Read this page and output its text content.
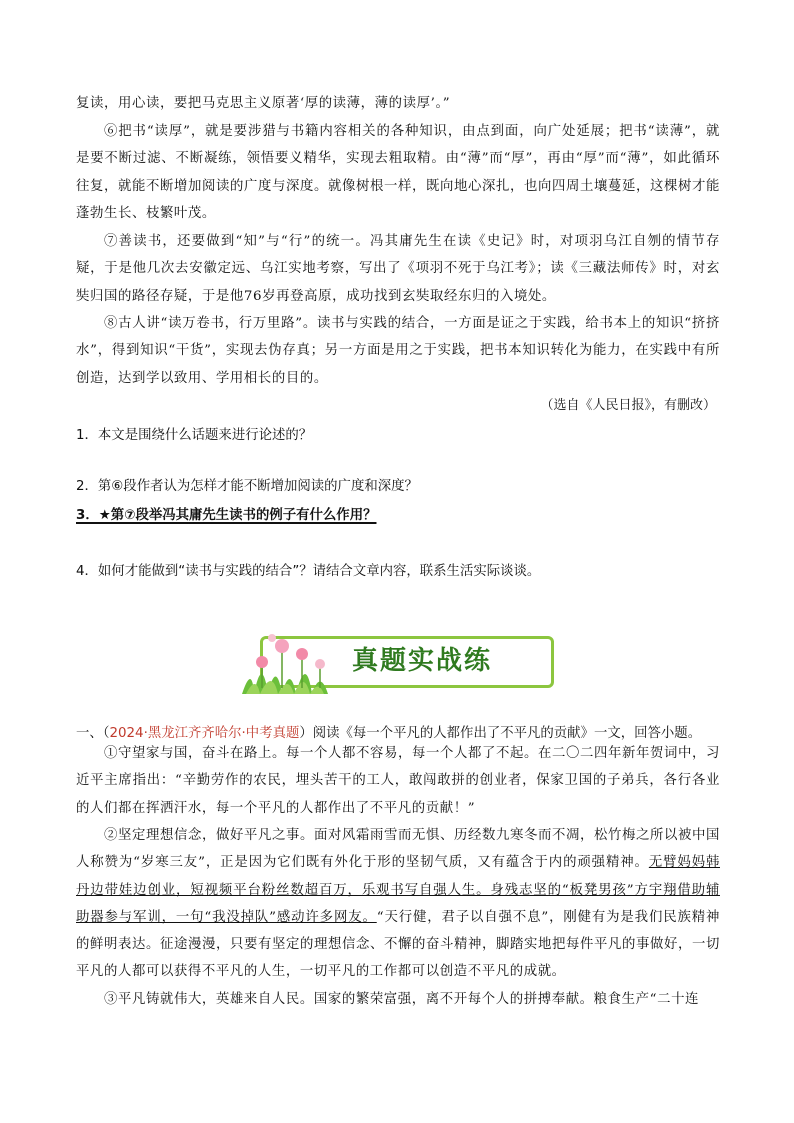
复读，用心读，要把马克思主义原著‘厚的读薄，薄的读厚’。”

⑥把书“读厚”，就是要涉猎与书籍内容相关的各种知识，由点到面，向广处延展；把书“读薄”，就是要不断过滤、不断凝练，领悟要义精华，实现去粗取精。由“薄”而“厚”，再由“厚”而“薄”，如此循环往复，就能不断增加阅读的广度与深度。就像树根一样，既向地心深扎，也向四周土壤蔓延，这棵树才能蓬勃生长、枝繁叶茂。

⑦善读书，还要做到“知”与“行”的统一。冯其庸先生在读《史记》时，对项羽乌江自刎的情节存疑，于是他几次去安徽定远、乌江实地考察，写出了《项羽不死于乌江考》；读《三藏法师传》时，对玄奘归国的路径存疑，于是他76岁再登高原，成功找到玄奘取经东归的入境处。

⑧古人讲“读万卷书，行万里路”。读书与实践的结合，一方面是证之于实践，给书本上的知识“挤挤水”，得到知识“干货”，实现去伪存真；另一方面是用之于实践，把书本知识转化为能力，在实践中有所创造，达到学以致用、学用相长的目的。

（选自《人民日报》，有删改）

1．本文是围绕什么话题来进行论述的？

2．第⑥段作者认为怎样才能不断增加阅读的广度和深度？

3．★第⑦段举冯其庸先生读书的例子有什么作用？

4．如何才能做到“读书与实践的结合”？请结合文章内容，联系生活实际谈谈。

真题实战练

一、（2024·黑龙江齐齐哈尔·中考真题）阅读《每一个平凡的人都作出了不平凡的贡献》一文，回答小题。

①守望家与国，奋斗在路上。每一个人都不容易，每一个人都了不起。在二〇二四年新年贺词中，习近平主席指出：“辛勤劳作的农民，埋头苦干的工人，敢闯敢拼的创业者，保家卫国的子弟兵，各行各业的人们都在挥洒汗水，每一个平凡的人都作出了不平凡的贡献！”

②坚定理想信念，做好平凡之事。面对风霜雨雪而无惧、历经数九寒冬而不凋，松竹梅之所以被中国人称赞为“岁寒三友”，正是因为它们既有外化于形的坚韧气质，又有蕴含于内的顽强精神。无臂妈妈韩丹边带娃边创业，短视频平台粉丝数超百万，乐观书写自强人生。身残志坚的“板凳男孩”方宇翔借助辅助器参与军训，一句“我没掉队”感动许多网友。“天行健，君子以自强不息”，刚健有为是我们民族精神的鲜明表达。征途漫漫，只要有坚定的理想信念、不懈的奋斗精神，脚踏实地把每件平凡的事做好，一切平凡的人都可以获得不平凡的人生，一切平凡的工作都可以创造不平凡的成就。

③平凡铸就伟大，英雄来自人民。国家的繁荣富强，离不开每个人的拼搏奉献。粮食生产“二十连
